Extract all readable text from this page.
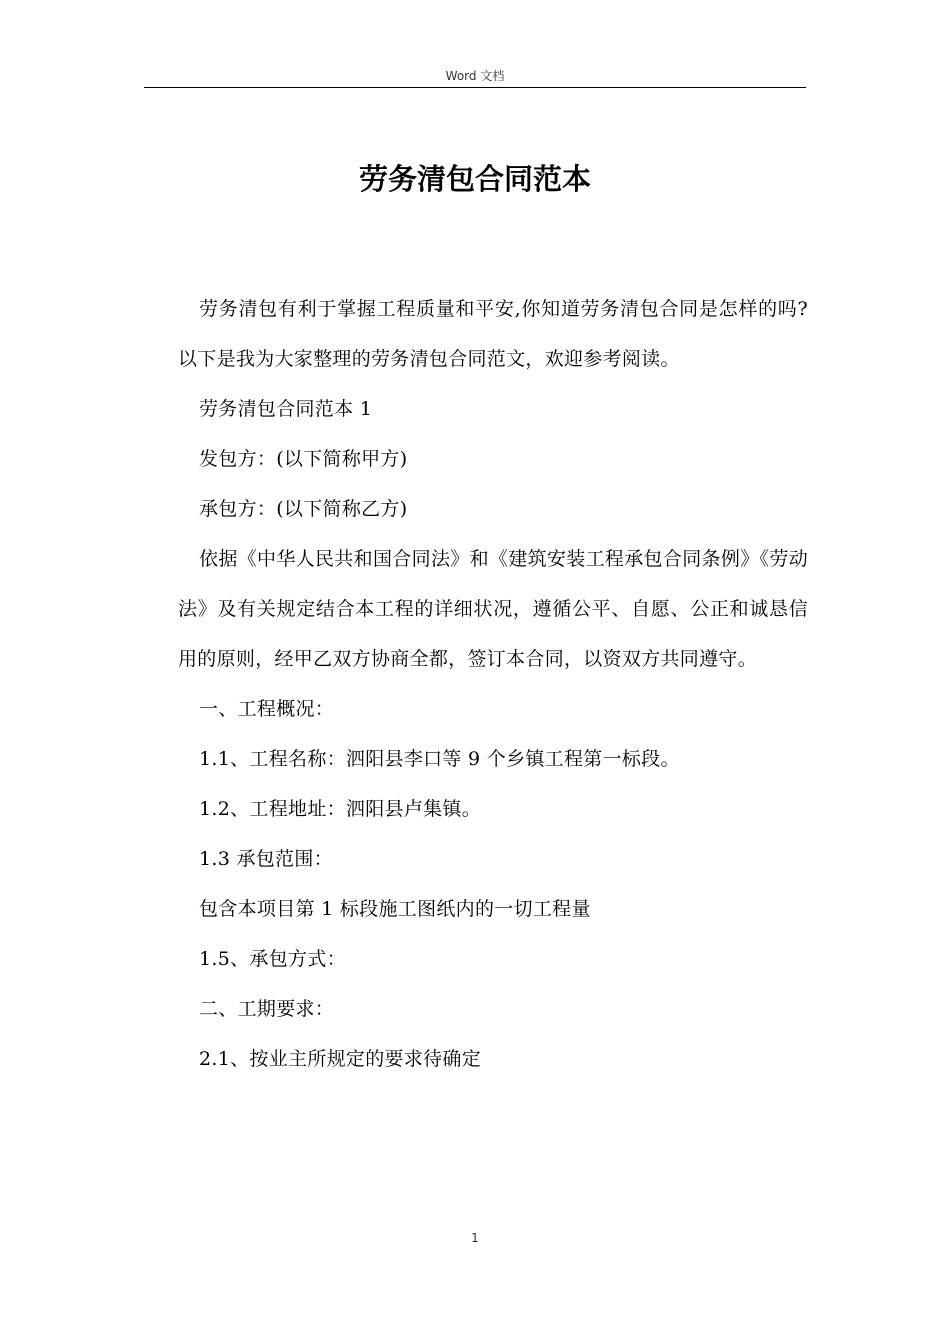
Word 文档
劳务清包合同范本

劳务清包有利于掌握工程质量和平安,你知道劳务清包合同是怎样的吗?以下是我为大家整理的劳务清包合同范文，欢迎参考阅读。

劳务清包合同范本 1

发包方：(以下简称甲方)

承包方：(以下简称乙方)

依据《中华人民共和国合同法》和《建筑安装工程承包合同条例》《劳动法》及有关规定结合本工程的详细状况，遵循公平、自愿、公正和诚恳信用的原则，经甲乙双方协商全都，签订本合同，以资双方共同遵守。

一、工程概况：

1.1、工程名称：泗阳县李口等 9 个乡镇工程第一标段。

1.2、工程地址：泗阳县卢集镇。

1.3 承包范围：

包含本项目第 1 标段施工图纸内的一切工程量

1.5、承包方式：

二、工期要求：

2.1、按业主所规定的要求待确定

1
